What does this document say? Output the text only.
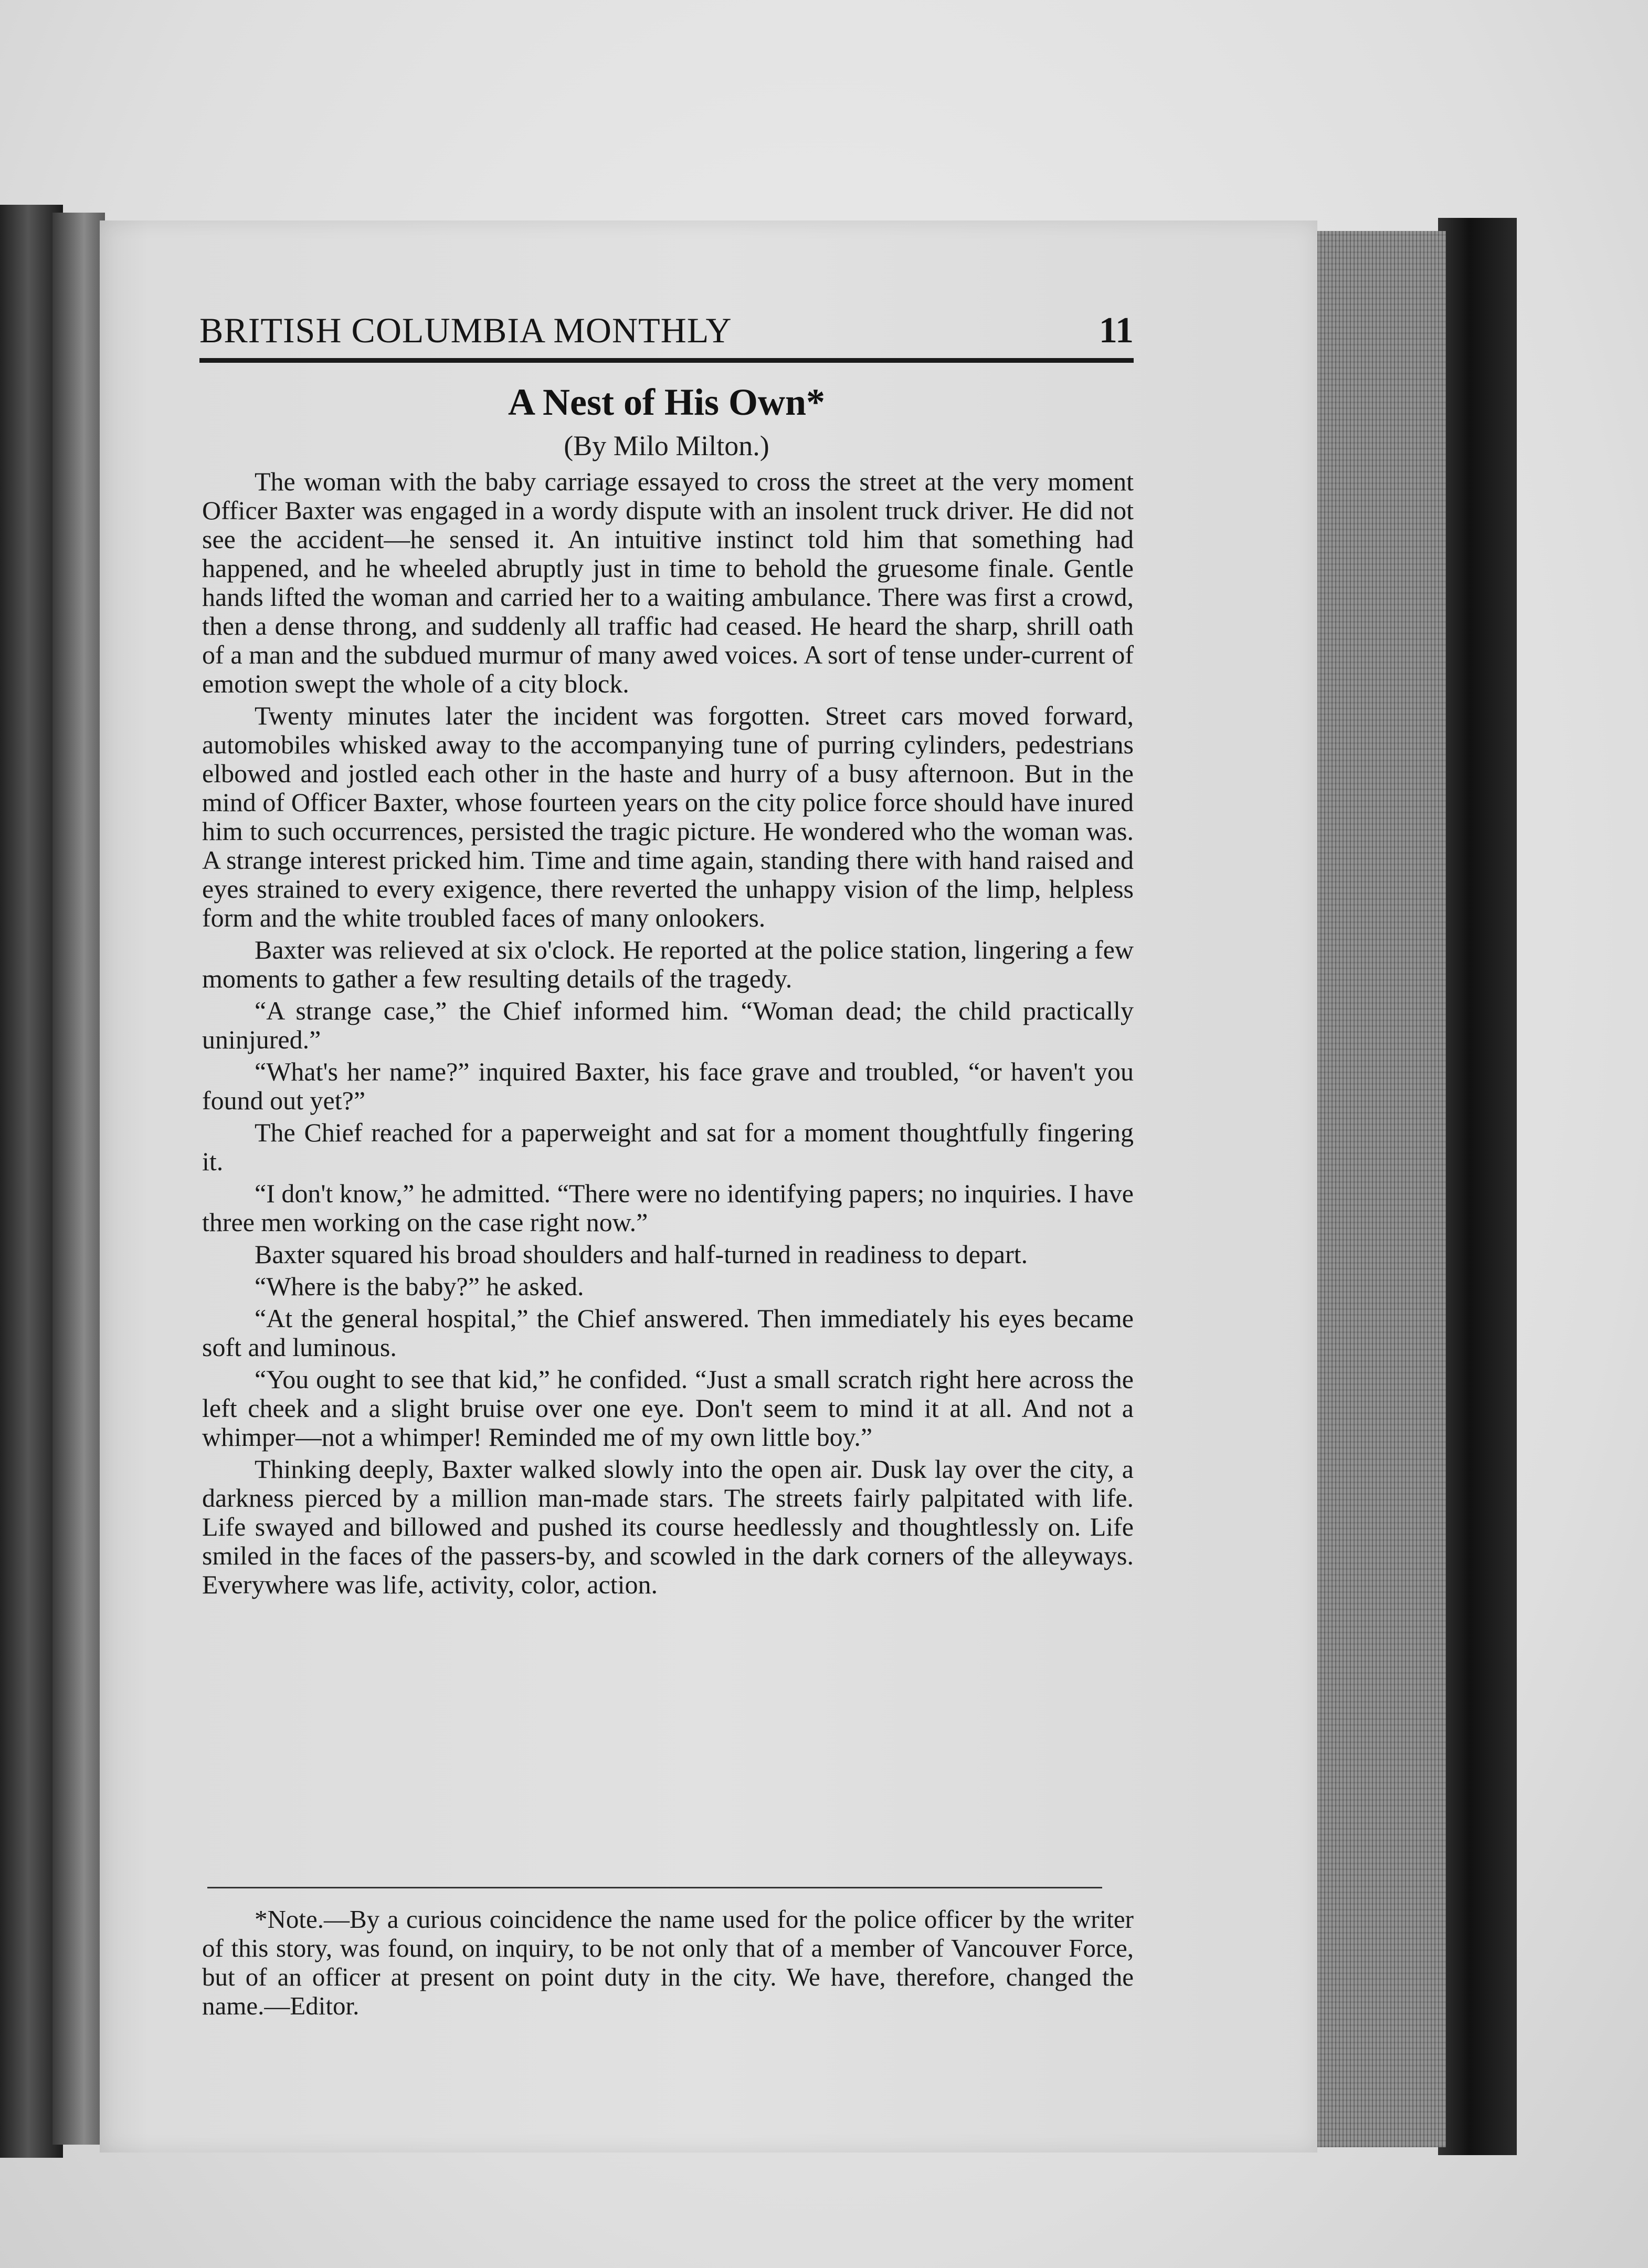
BRITISH COLUMBIA MONTHLY	11
A Nest of His Own*
(By Milo Milton.)

The woman with the baby carriage essayed to cross the street at the very moment Officer Baxter was engaged in a wordy dispute with an insolent truck driver. He did not see the accident—he sensed it. An intuitive instinct told him that something had happened, and he wheeled abruptly just in time to behold the gruesome finale. Gentle hands lifted the woman and carried her to a waiting ambulance. There was first a crowd, then a dense throng, and suddenly all traffic had ceased. He heard the sharp, shrill oath of a man and the subdued murmur of many awed voices. A sort of tense under-current of emotion swept the whole of a city block.

Twenty minutes later the incident was forgotten. Street cars moved forward, automobiles whisked away to the accompanying tune of purring cylinders, pedestrians elbowed and jostled each other in the haste and hurry of a busy afternoon. But in the mind of Officer Baxter, whose fourteen years on the city police force should have inured him to such occurrences, persisted the tragic picture. He wondered who the woman was. A strange interest pricked him. Time and time again, standing there with hand raised and eyes strained to every exigence, there reverted the unhappy vision of the limp, helpless form and the white troubled faces of many onlookers.

Baxter was relieved at six o'clock. He reported at the police station, lingering a few moments to gather a few resulting details of the tragedy.

“A strange case,” the Chief informed him. “Woman dead; the child practically uninjured.”

“What's her name?” inquired Baxter, his face grave and troubled, “or haven't you found out yet?”

The Chief reached for a paperweight and sat for a moment thoughtfully fingering it.

“I don't know,” he admitted. “There were no identifying papers; no inquiries. I have three men working on the case right now.”

Baxter squared his broad shoulders and half-turned in readiness to depart.

“Where is the baby?” he asked.

“At the general hospital,” the Chief answered. Then immediately his eyes became soft and luminous.

“You ought to see that kid,” he confided. “Just a small scratch right here across the left cheek and a slight bruise over one eye. Don't seem to mind it at all. And not a whimper—not a whimper! Reminded me of my own little boy.”

Thinking deeply, Baxter walked slowly into the open air. Dusk lay over the city, a darkness pierced by a million man-made stars. The streets fairly palpitated with life. Life swayed and billowed and pushed its course heedlessly and thoughtlessly on. Life smiled in the faces of the passers-by, and scowled in the dark corners of the alleyways. Everywhere was life, activity, color, action.

*Note.—By a curious coincidence the name used for the police officer by the writer of this story, was found, on inquiry, to be not only that of a member of Vancouver Force, but of an officer at present on point duty in the city. We have, therefore, changed the name.—Editor.
